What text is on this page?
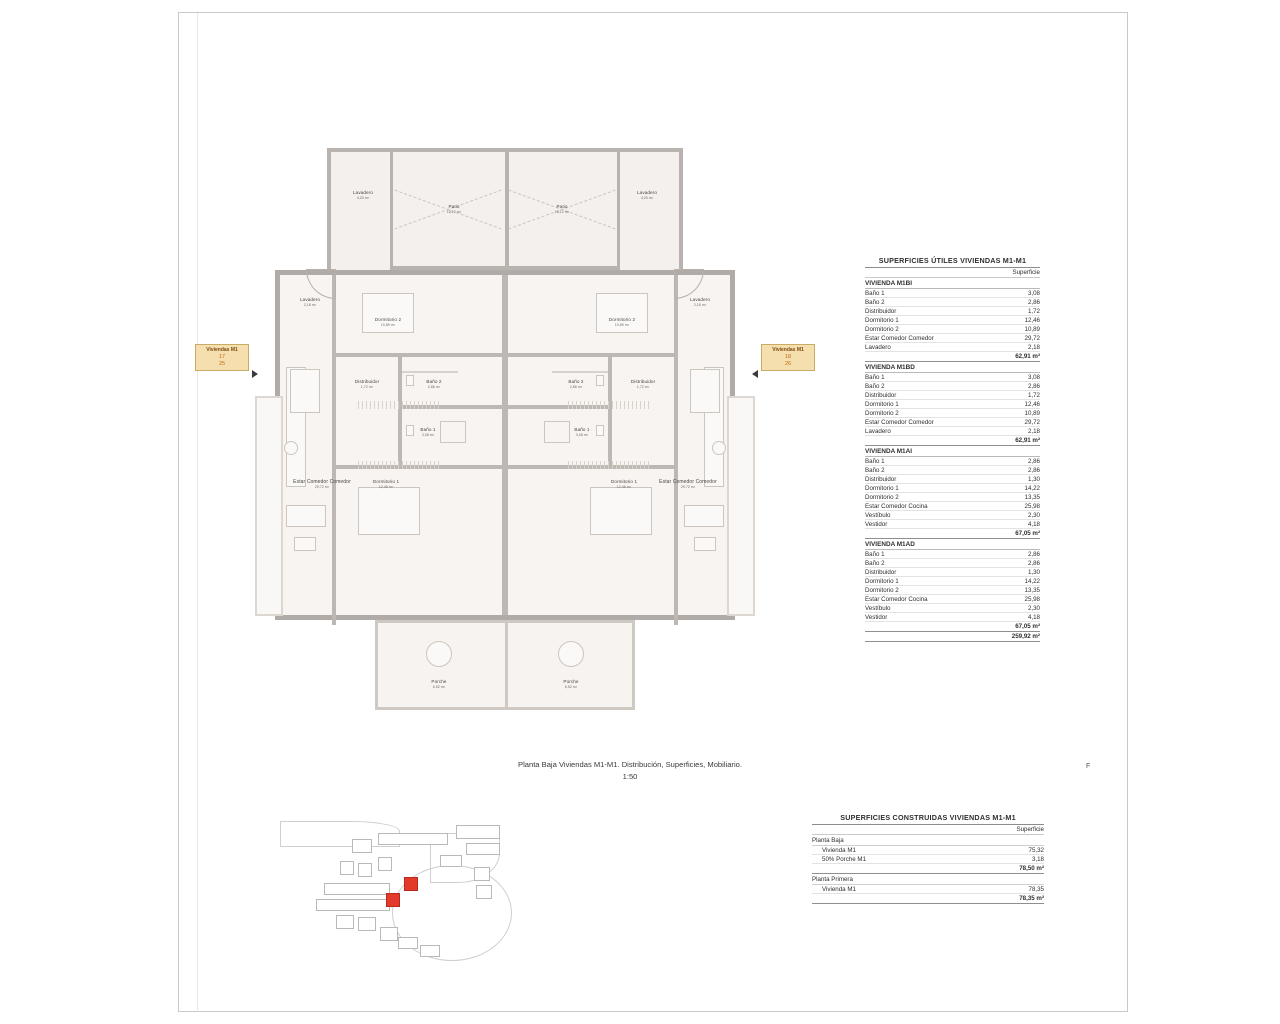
Lavadero
4,20 m²
Patio
18,12 m²
Patio
18,12 m²
Lavadero
4,20 m²
Lavadero
2,18 m²
Dormitorio 2
10,89 m²
Baño 2
2,86 m²
Distribuidor
1,72 m²
Baño 1
3,08 m²
Dormitorio 1
12,46 m²
Estar Comedor Comedor
29,72 m²
Lavadero
2,18 m²
Dormitorio 2
10,89 m²
Baño 2
2,86 m²
Distribuidor
1,72 m²
Baño 1
3,08 m²
Dormitorio 1
12,46 m²
Estar Comedor Comedor
29,72 m²
Porche
6,52 m²
Porche
6,52 m²
Viviendas M1
17
25
Viviendas M1
18
26
Planta Baja Viviendas M1-M1. Distribución, Superficies, Mobiliario.
1:50
F
SUPERFICIES ÚTILES VIVIENDAS M1-M1
Superficie
VIVIENDA M1BI
Baño 1	3,08
Baño 2	2,86
Distribuidor	1,72
Dormitorio 1	12,46
Dormitorio 2	10,89
Estar Comedor Comedor	29,72
Lavadero	2,18
62,91 m²
VIVIENDA M1BD
Baño 1	3,08
Baño 2	2,86
Distribuidor	1,72
Dormitorio 1	12,46
Dormitorio 2	10,89
Estar Comedor Comedor	29,72
Lavadero	2,18
62,91 m²
VIVIENDA M1AI
Baño 1	2,86
Baño 2	2,86
Distribuidor	1,30
Dormitorio 1	14,22
Dormitorio 2	13,35
Estar Comedor Cocina	25,98
Vestíbulo	2,30
Vestidor	4,18
67,05 m²
VIVIENDA M1AD
Baño 1	2,86
Baño 2	2,86
Distribuidor	1,30
Dormitorio 1	14,22
Dormitorio 2	13,35
Estar Comedor Cocina	25,98
Vestíbulo	2,30
Vestidor	4,18
67,05 m²
259,92 m²
SUPERFICIES CONSTRUIDAS VIVIENDAS M1-M1
Superficie
Planta Baja
Vivienda M1	75,32
50% Porche M1	3,18
78,50 m²
Planta Primera
Vivienda M1	78,35
78,35 m²
